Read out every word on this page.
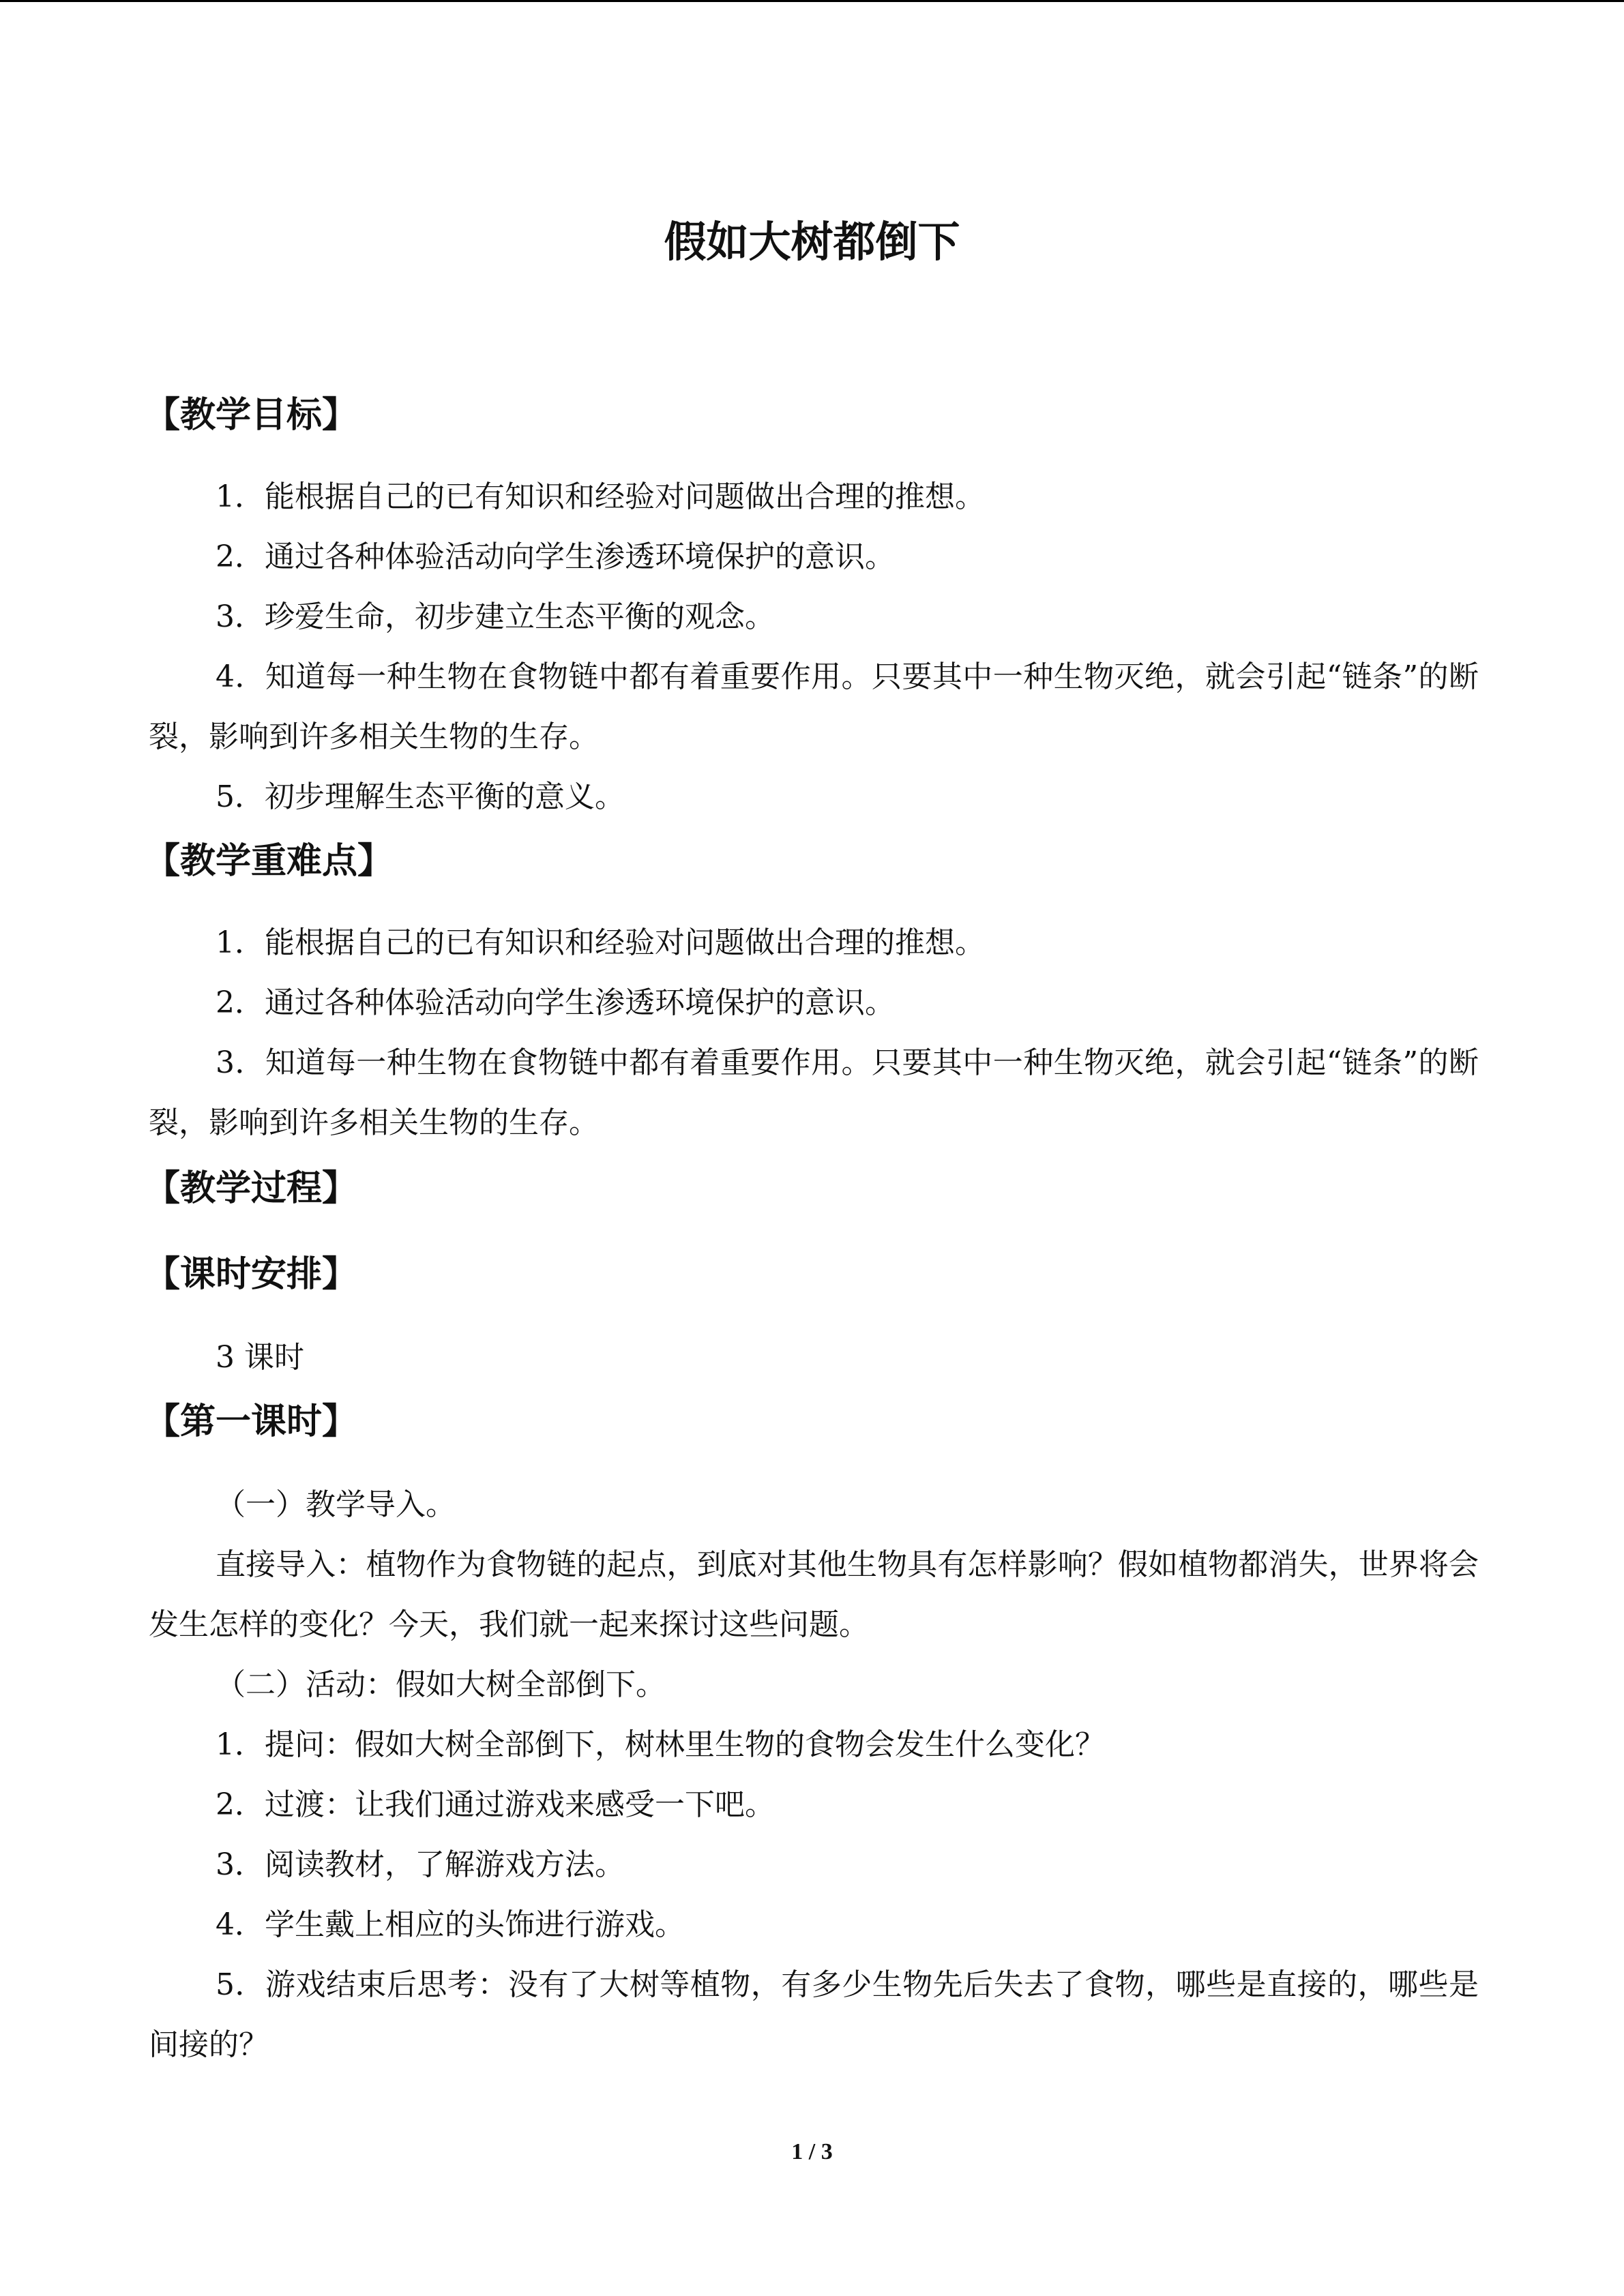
假如大树都倒下
【教学目标】
1．能根据自己的已有知识和经验对问题做出合理的推想。
2．通过各种体验活动向学生渗透环境保护的意识。
3．珍爱生命，初步建立生态平衡的观念。
4．知道每一种生物在食物链中都有着重要作用。只要其中一种生物灭绝，就会引起“链条”的断裂，影响到许多相关生物的生存。
5．初步理解生态平衡的意义。
【教学重难点】
1．能根据自己的已有知识和经验对问题做出合理的推想。
2．通过各种体验活动向学生渗透环境保护的意识。
3．知道每一种生物在食物链中都有着重要作用。只要其中一种生物灭绝，就会引起“链条”的断裂，影响到许多相关生物的生存。
【教学过程】
【课时安排】
3 课时
【第一课时】
（一）教学导入。
直接导入：植物作为食物链的起点，到底对其他生物具有怎样影响？假如植物都消失，世界将会发生怎样的变化？今天，我们就一起来探讨这些问题。
（二）活动：假如大树全部倒下。
1．提问：假如大树全部倒下，树林里生物的食物会发生什么变化？
2．过渡：让我们通过游戏来感受一下吧。
3．阅读教材，了解游戏方法。
4．学生戴上相应的头饰进行游戏。
5．游戏结束后思考：没有了大树等植物，有多少生物先后失去了食物，哪些是直接的，哪些是间接的？
1 / 3
